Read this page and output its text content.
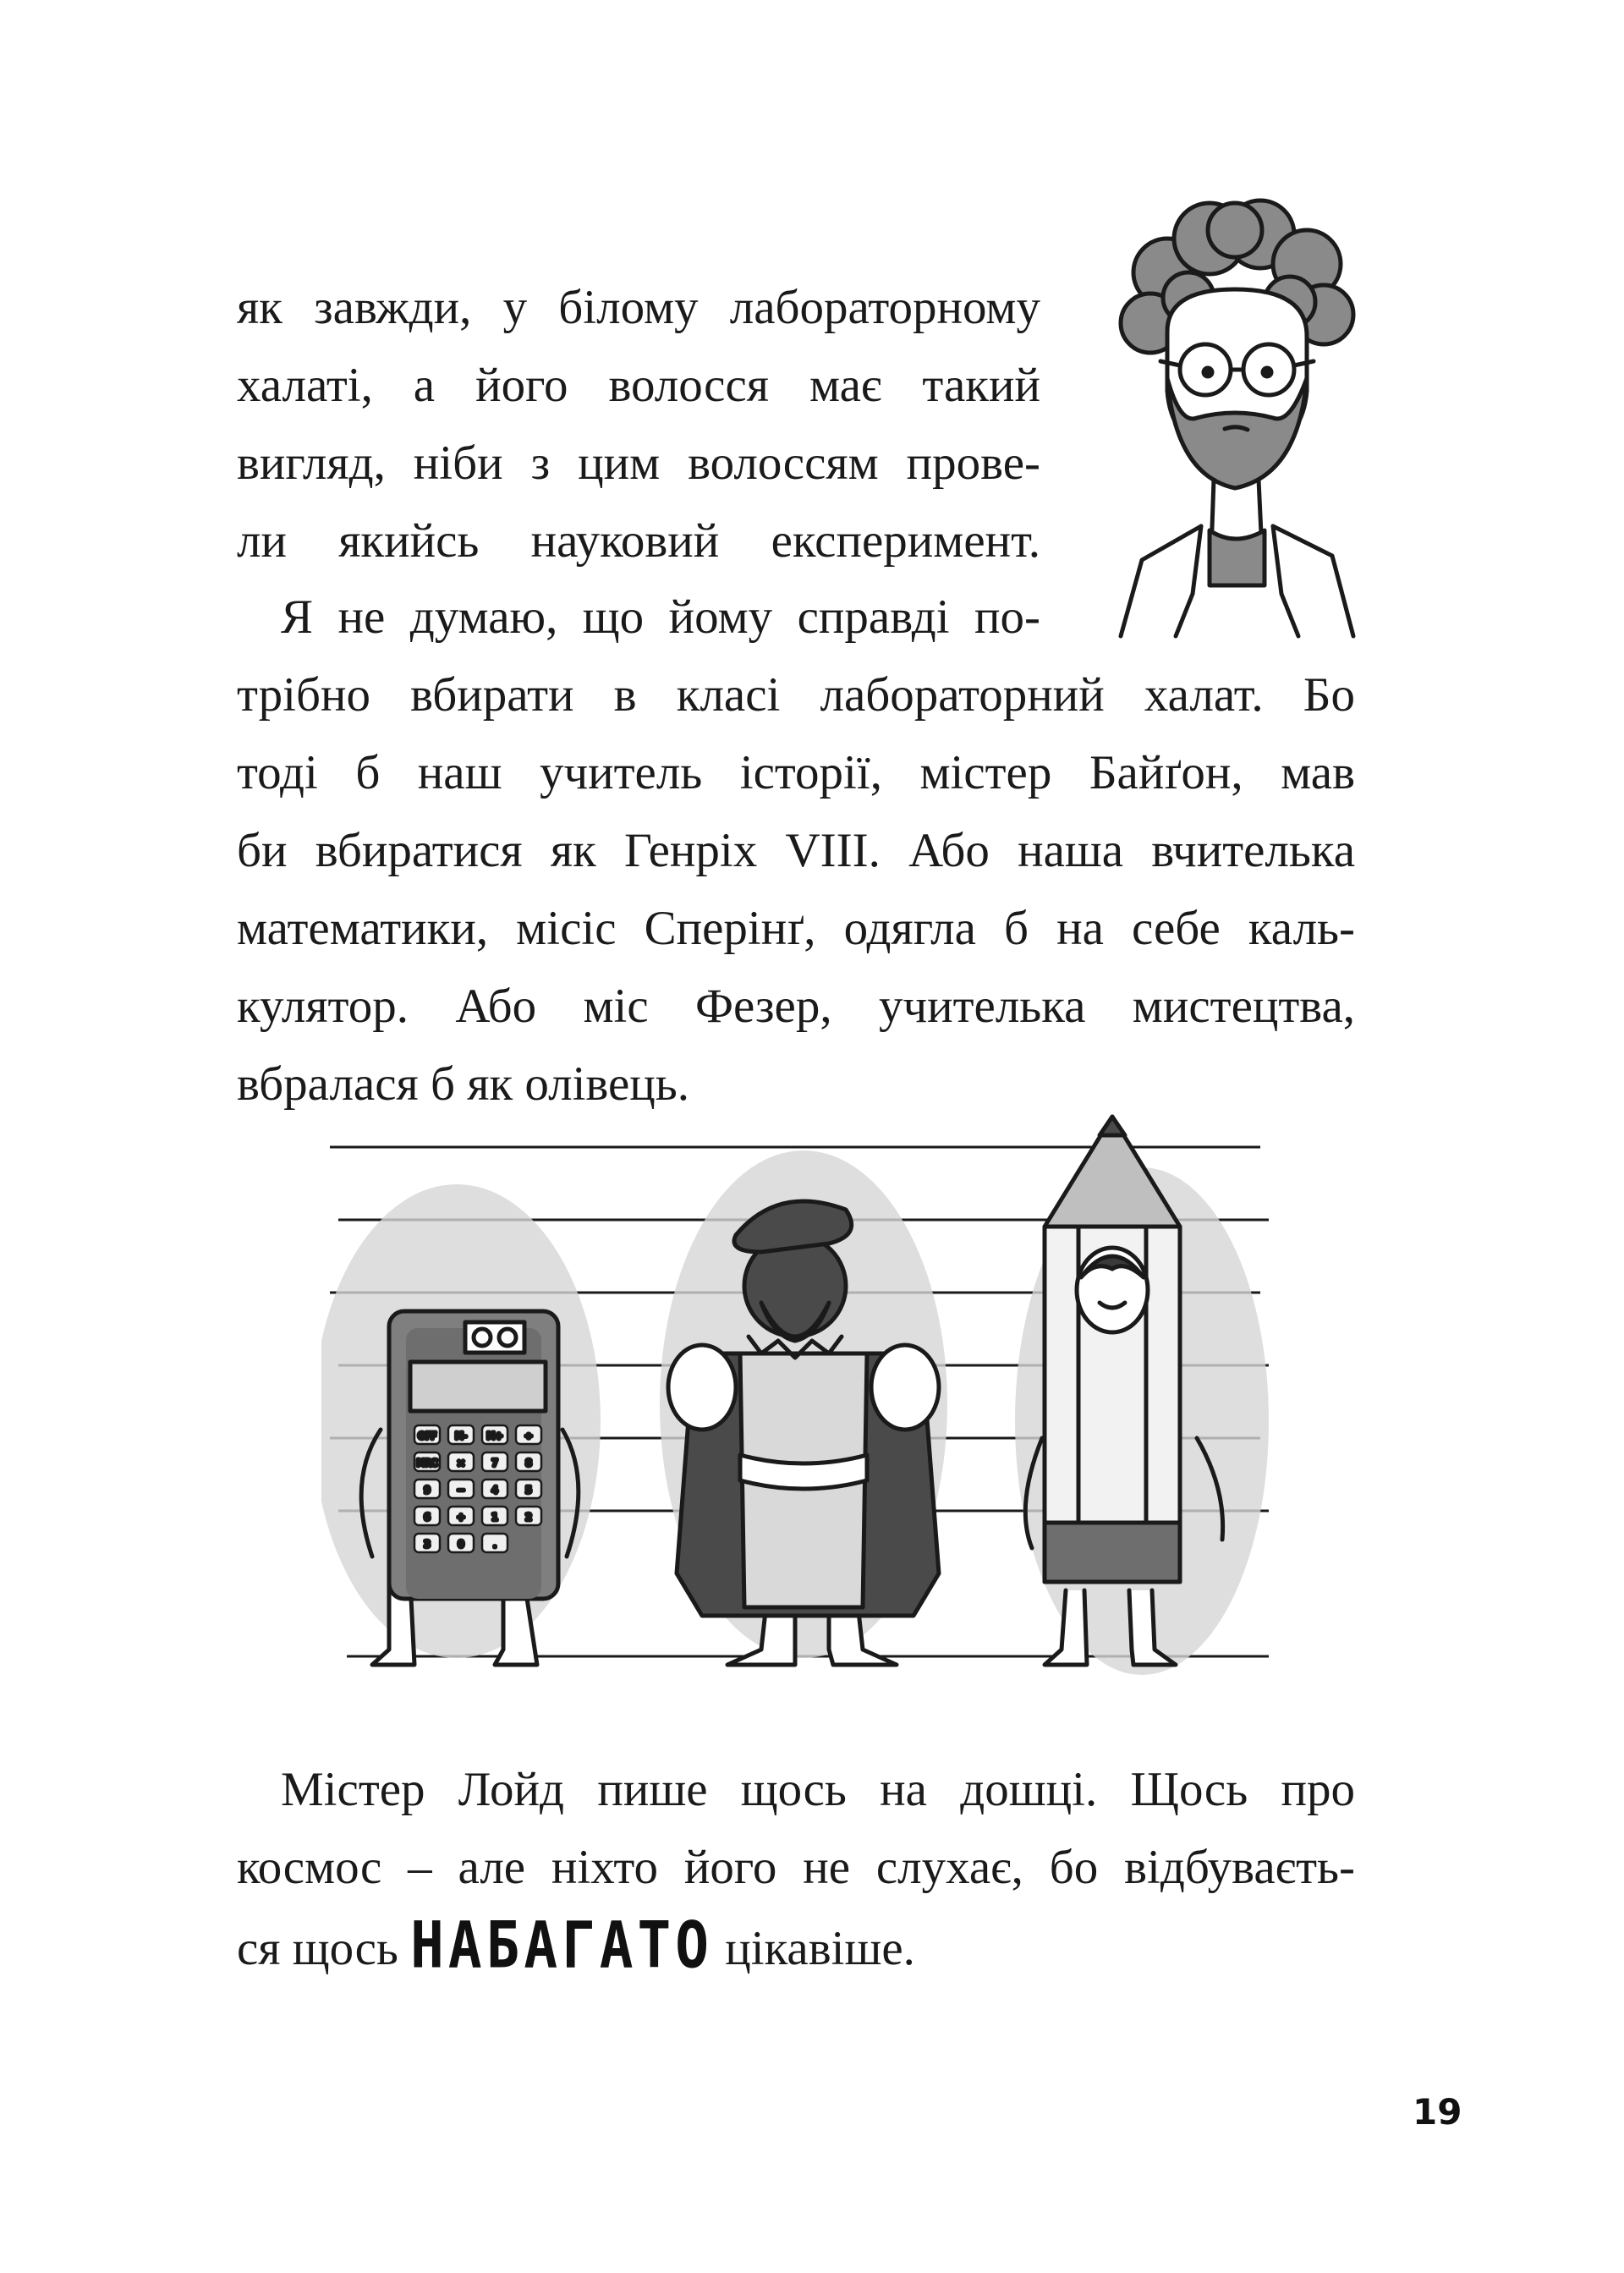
як завжди, у білому лабораторному
халаті, а його волосся має такий
вигляд, ніби з цим волоссям прове-
ли якийсь науковий експеримент.

Я не думаю, що йому справді по-
трібно вбирати в класі лабораторний халат. Бо
тоді б наш учитель історії, містер Байґон, мав
би вбиратися як Генріх VIII. Або наша вчителька
математики, місіс Сперінґ, одягла б на себе каль-
кулятор. Або міс Фезер, учителька мистецтва,
вбралася б як олівець.

Містер Лойд пише щось на дошці. Щось про
космос – але ніхто його не слухає, бо відбуваєть-
ся щось НАБАГАТО цікавіше.

OFF M- M+ ÷
MRC ×	7	8
9	−	4	5
6	+	1	2
3	0	.
19
